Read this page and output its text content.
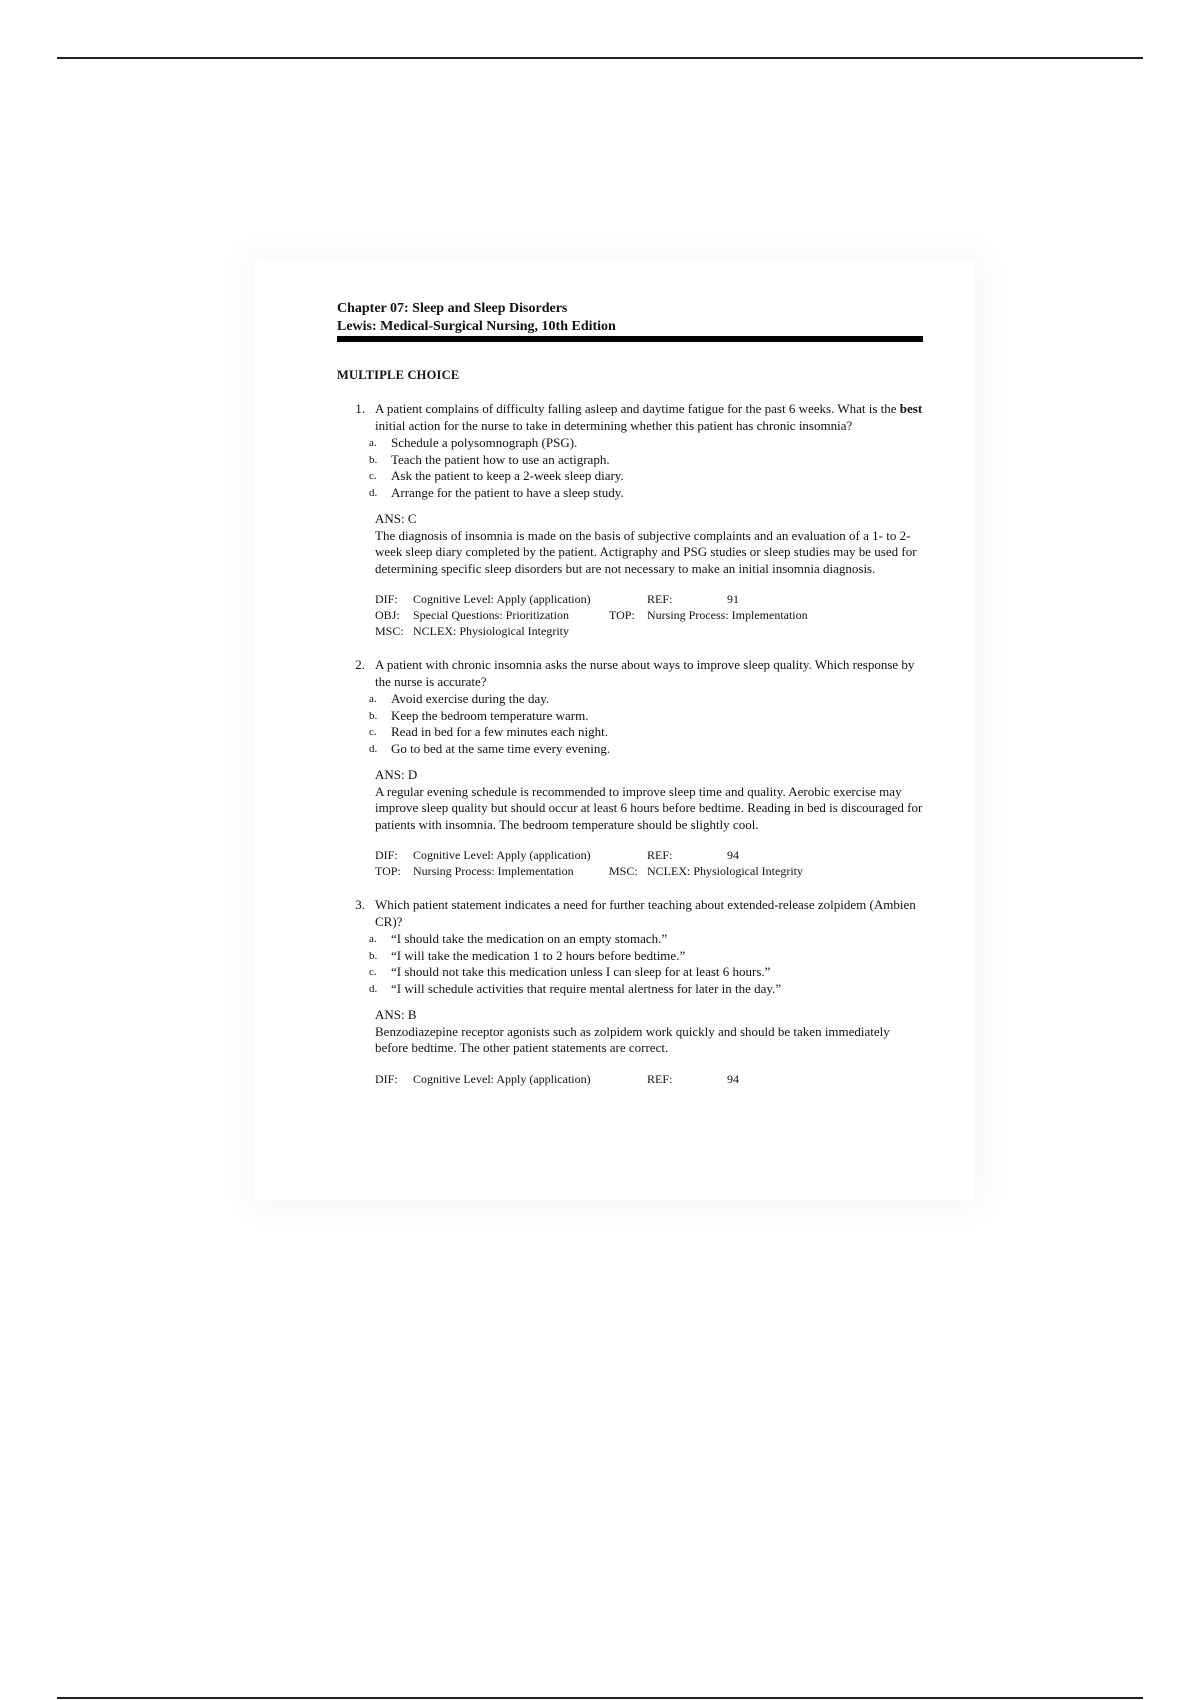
Chapter 07: Sleep and Sleep Disorders
Lewis: Medical-Surgical Nursing, 10th Edition
MULTIPLE CHOICE
1. A patient complains of difficulty falling asleep and daytime fatigue for the past 6 weeks. What is the best initial action for the nurse to take in determining whether this patient has chronic insomnia?
a.	Schedule a polysomnograph (PSG).
b.	Teach the patient how to use an actigraph.
c.	Ask the patient to keep a 2-week sleep diary.
d.	Arrange for the patient to have a sleep study.
ANS: C
The diagnosis of insomnia is made on the basis of subjective complaints and an evaluation of a 1- to 2-week sleep diary completed by the patient. Actigraphy and PSG studies or sleep studies may be used for determining specific sleep disorders but are not necessary to make an initial insomnia diagnosis.
DIF:	Cognitive Level: Apply (application)	REF:	91
OBJ:	Special Questions: Prioritization	TOP:	Nursing Process: Implementation
MSC: NCLEX: Physiological Integrity
2. A patient with chronic insomnia asks the nurse about ways to improve sleep quality. Which response by the nurse is accurate?
a.	Avoid exercise during the day.
b.	Keep the bedroom temperature warm.
c.	Read in bed for a few minutes each night.
d.	Go to bed at the same time every evening.
ANS: D
A regular evening schedule is recommended to improve sleep time and quality. Aerobic exercise may improve sleep quality but should occur at least 6 hours before bedtime. Reading in bed is discouraged for patients with insomnia. The bedroom temperature should be slightly cool.
DIF:	Cognitive Level: Apply (application)	REF:	94
TOP:	Nursing Process: Implementation	MSC: NCLEX: Physiological Integrity
3. Which patient statement indicates a need for further teaching about extended-release zolpidem (Ambien CR)?
a.	“I should take the medication on an empty stomach.”
b.	“I will take the medication 1 to 2 hours before bedtime.”
c.	“I should not take this medication unless I can sleep for at least 6 hours.”
d.	“I will schedule activities that require mental alertness for later in the day.”
ANS: B
Benzodiazepine receptor agonists such as zolpidem work quickly and should be taken immediately before bedtime. The other patient statements are correct.
DIF:	Cognitive Level: Apply (application)	REF:	94
